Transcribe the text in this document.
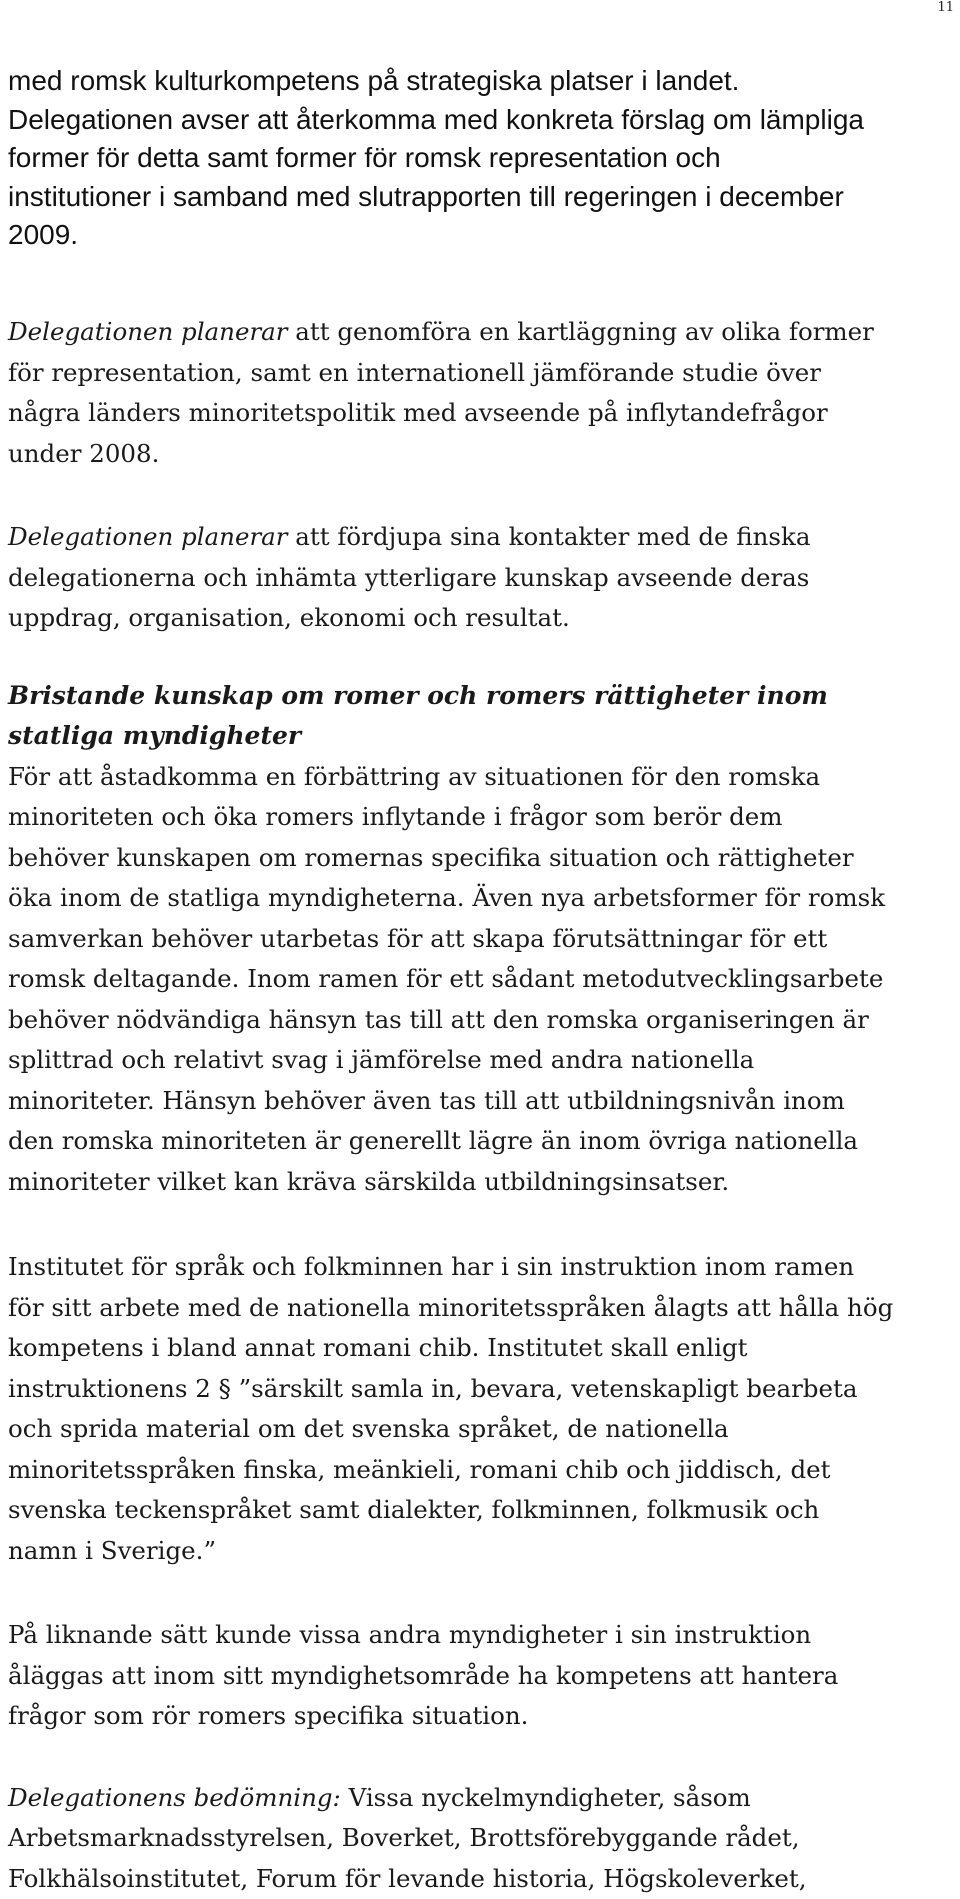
11
med romsk kulturkompetens på strategiska platser i landet.
Delegationen avser att återkomma med konkreta förslag om lämpliga
former för detta samt former för romsk representation och
institutioner i samband med slutrapporten till regeringen i december
2009.
Delegationen planerar att genomföra en kartläggning av olika former
för representation, samt en internationell jämförande studie över
några länders minoritetspolitik med avseende på inflytandefrågor
under 2008.
Delegationen planerar att fördjupa sina kontakter med de finska
delegationerna och inhämta ytterligare kunskap avseende deras
uppdrag, organisation, ekonomi och resultat.
Bristande kunskap om romer och romers rättigheter inom
statliga myndigheter
För att åstadkomma en förbättring av situationen för den romska
minoriteten och öka romers inflytande i frågor som berör dem
behöver kunskapen om romernas specifika situation och rättigheter
öka inom de statliga myndigheterna. Även nya arbetsformer för romsk
samverkan behöver utarbetas för att skapa förutsättningar för ett
romsk deltagande. Inom ramen för ett sådant metodutvecklingsarbete
behöver nödvändiga hänsyn tas till att den romska organiseringen är
splittrad och relativt svag i jämförelse med andra nationella
minoriteter. Hänsyn behöver även tas till att utbildningsnivån inom
den romska minoriteten är generellt lägre än inom övriga nationella
minoriteter vilket kan kräva särskilda utbildningsinsatser.
Institutet för språk och folkminnen har i sin instruktion inom ramen
för sitt arbete med de nationella minoritetsspråken ålagts att hålla hög
kompetens i bland annat romani chib. Institutet skall enligt
instruktionens 2 § ”särskilt samla in, bevara, vetenskapligt bearbeta
och sprida material om det svenska språket, de nationella
minoritetsspråken finska, meänkieli, romani chib och jiddisch, det
svenska teckenspråket samt dialekter, folkminnen, folkmusik och
namn i Sverige.”
På liknande sätt kunde vissa andra myndigheter i sin instruktion
åläggas att inom sitt myndighetsområde ha kompetens att hantera
frågor som rör romers specifika situation.
Delegationens bedömning: Vissa nyckelmyndigheter, såsom
Arbetsmarknadsstyrelsen, Boverket, Brottsförebyggande rådet,
Folkhälsoinstitutet, Forum för levande historia, Högskoleverket,
